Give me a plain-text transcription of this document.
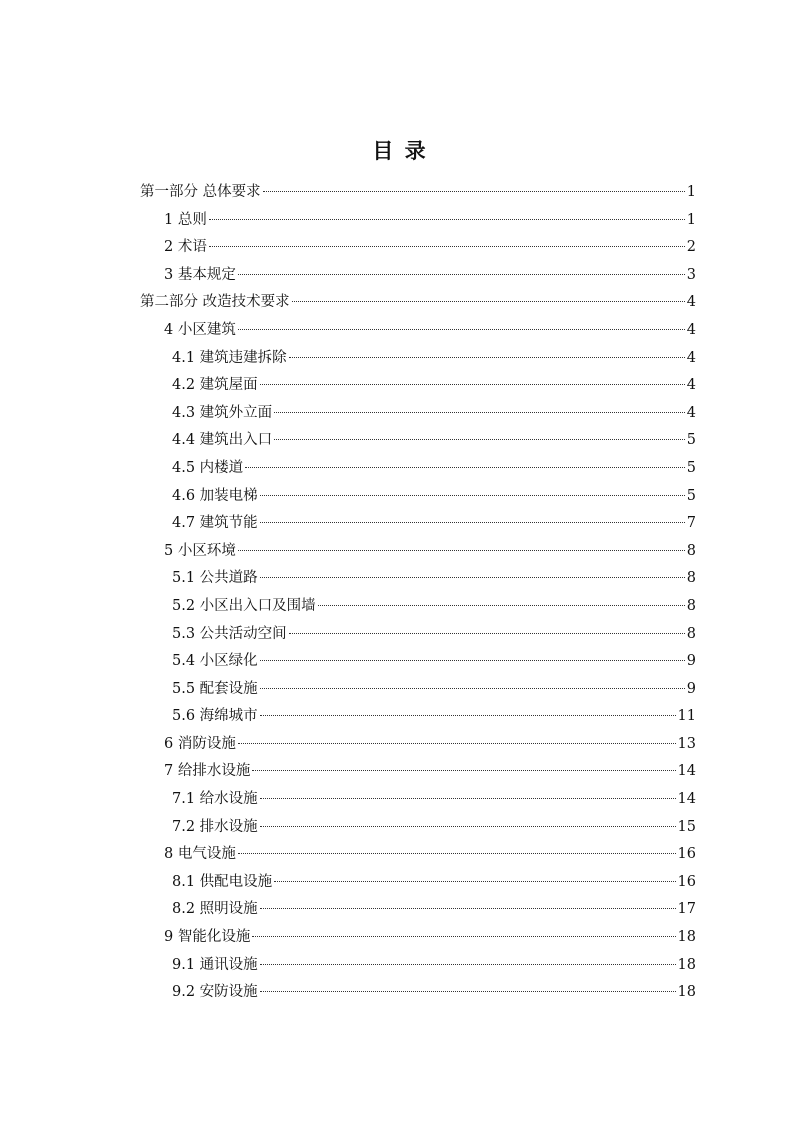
目 录
第一部分 总体要求	1
1 总则	1
2 术语	2
3 基本规定	3
第二部分 改造技术要求	4
4 小区建筑	4
4.1 建筑违建拆除	4
4.2 建筑屋面	4
4.3 建筑外立面	4
4.4 建筑出入口	5
4.5 内楼道	5
4.6 加装电梯	5
4.7 建筑节能	7
5 小区环境	8
5.1 公共道路	8
5.2 小区出入口及围墙	8
5.3 公共活动空间	8
5.4 小区绿化	9
5.5 配套设施	9
5.6 海绵城市	11
6 消防设施	13
7 给排水设施	14
7.1 给水设施	14
7.2 排水设施	15
8 电气设施	16
8.1 供配电设施	16
8.2 照明设施	17
9 智能化设施	18
9.1 通讯设施	18
9.2 安防设施	18
